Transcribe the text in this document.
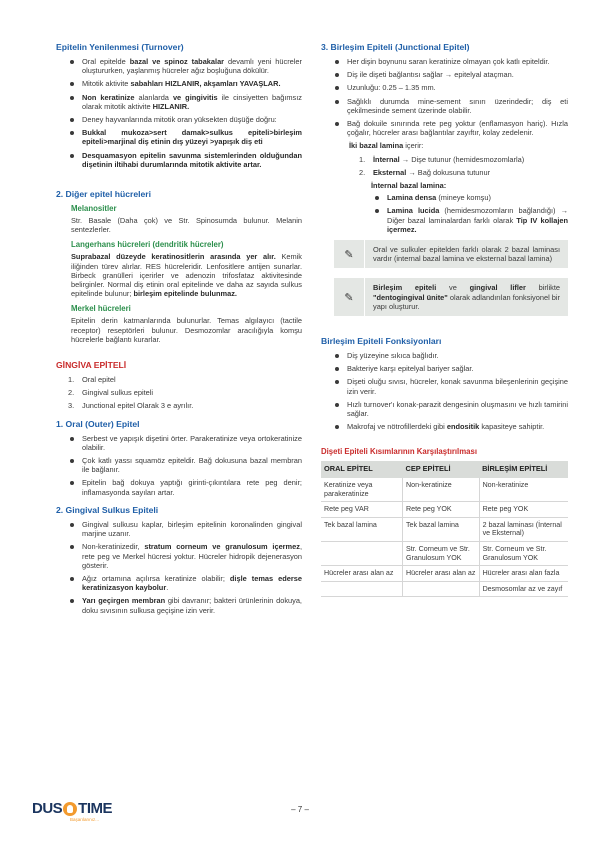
Epitelin Yenilenmesi (Turnover)
Oral epitelde bazal ve spinoz tabakalar devamlı yeni hücreler oluştururken, yaşlanmış hücreler ağız boşluğuna dökülür.
Mitotik aktivite sabahları HIZLANIR, akşamları YAVAŞLAR.
Non keratinize alanlarda ve gingivitis ile cinsiyetten bağımsız olarak mitotik aktivite HIZLANIR.
Deney hayvanlarında mitotik oran yüksekten düşüğe doğru:
Bukkal mukoza>sert damak>sulkus epiteli>birleşim epiteli>marjinal diş etinin dış yüzeyi >yapışık diş eti
Desquamasyon epitelin savunma sistemlerinden olduğundan dişetinin iltihabi durumlarında mitotik aktivite artar.
2. Diğer epitel hücreleri
Melanositler
Str. Basale (Daha çok) ve Str. Spinosumda bulunur. Melanin sentezlerler.
Langerhans hücreleri (dendritik hücreler)
Suprabazal düzeyde keratinositlerin arasında yer alır. Kemik iliğinden türev alırlar. RES hücreleridir. Lenfositlere antijen sunarlar. Birbeck granülleri içerirler ve adenozin trifosfataz aktivitesinde belirginler. Normal diş etinin oral epitelinde ve daha az sayıda sulkus epitelinde bulunur; birleşim epitelinde bulunmaz.
Merkel hücreleri
Epitelin derin katmanlarında bulunurlar. Temas algılayıcı (tactile receptor) reseptörleri bulunur. Desmozomlar aracılığıyla komşu hücrelerle bağlantı kurarlar.
GİNGİVA EPİTELİ
1. Oral epitel
2. Gingival sulkus epiteli
3. Junctional epitel Olarak 3 e ayrılır.
1. Oral (Outer) Epitel
Serbest ve yapışık dişetini örter. Parakeratinize veya ortokeratinize olabilir.
Çok katlı yassı squamöz epiteldir. Bağ dokusuna bazal membran ile bağlanır.
Epitelin bağ dokuya yaptığı girinti-çıkıntılara rete peg denir; inflamasyonda sayıları artar.
2. Gingival Sulkus Epiteli
Gingival sulkusu kaplar, birleşim epitelinin koronalinden gingival marjine uzanır.
Non-keratinizedir, stratum corneum ve granulosum içermez, rete peg ve Merkel hücresi yoktur. Hücreler hidropik dejenerasyon gösterir.
Ağız ortamına açılırsa keratinize olabilir; dişle temas ederse keratinizasyon kaybolur.
Yarı geçirgen membran gibi davranır; bakteri ürünlerinin dokuya, doku sıvısının sulkusa geçişine izin verir.
3. Birleşim Epiteli (Junctional Epitel)
Her dişin boynunu saran keratinize olmayan çok katlı epiteldir.
Diş ile dişeti bağlantısı sağlar → epitelyal ataçman.
Uzunluğu: 0.25 – 1.35 mm.
Sağlıklı durumda mine-sement sınırı üzerindedir; diş eti çekilmesinde sement üzerinde olabilir.
Bağ dokuile sınırında rete peg yoktur (enflamasyon hariç). Hızla çoğalır, hücreler arası bağlantılar zayıftır, kolay zedelenir.
İki bazal lamina içerir:
1. İnternal → Dişe tutunur (hemidesmozomlarla)
2. Eksternal → Bağ dokusuna tutunur
İnternal bazal lamina:
Lamina densa (mineye komşu)
Lamina lucida (hemidesmozomların bağlandığı) → Diğer bazal laminalardan farklı olarak Tip IV kollajen içermez.
✎	Oral ve sulkuler epitelden farklı olarak 2 bazal laminası vardır (internal bazal lamina ve eksternal bazal lamina)
✎
Birleşim epiteli ve gingival lifler birlikte "dentogingival ünite" olarak adlandırılan fonksiyonel bir yapı oluşturur.
Birleşim Epiteli Fonksiyonları
Diş yüzeyine sıkıca bağlıdır.
Bakteriye karşı epitelyal bariyer sağlar.
Dişeti oluğu sıvısı, hücreler, konak savunma bileşenlerinin geçişine izin verir.
Hızlı turnover'ı konak-parazit dengesinin oluşmasını ve hızlı tamirini sağlar.
Makrofaj ve nötrofillerdeki gibi endositik kapasiteye sahiptir.
Dişeti Epiteli Kısımlarının Karşılaştırılması
ORAL EPİTEL	CEP EPİTELİ	BİRLEŞİM EPİTELİ
Keratinize veya parakeratinize	Non-keratinize	Non-keratinize
Rete peg VAR	Rete peg YOK	Rete peg YOK
Tek bazal lamina	Tek bazal lamina	2 bazal laminası (İnternal ve Eksternal)
	Str. Corneum ve Str. Granulosum YOK	Str. Corneum ve Str. Granulosum YOK
Hücreler arası alan az	Hücreler arası alan az	Hücreler arası alan fazla
		Desmosomlar az ve zayıf
DUS TIME
Başarılarınız...
– 7 –
